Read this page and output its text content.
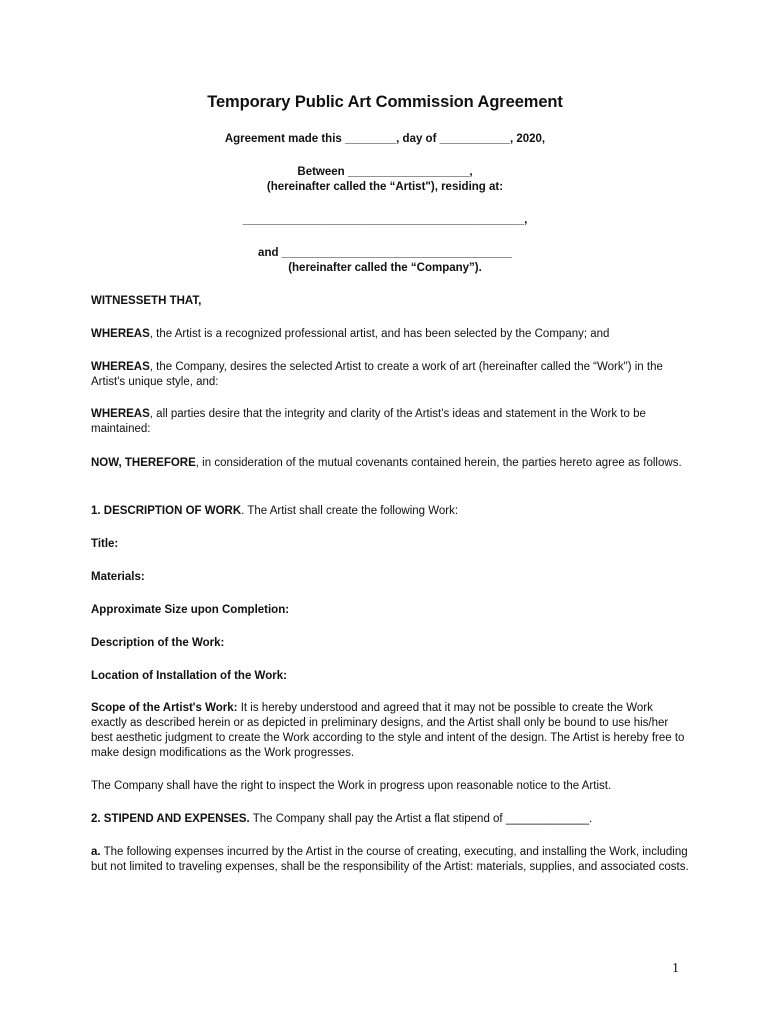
Temporary Public Art Commission Agreement
Agreement made this ________, day of ___________, 2020,
Between ___________________,
(hereinafter called the “Artist"), residing at:
____________________________________________,
and ____________________________________
(hereinafter called the “Company”).
WITNESSETH THAT,
WHEREAS, the Artist is a recognized professional artist, and has been selected by the Company; and
WHEREAS, the Company, desires the selected Artist to create a work of art (hereinafter called the “Work") in the Artist's unique style, and:
WHEREAS, all parties desire that the integrity and clarity of the Artist's ideas and statement in the Work to be maintained:
NOW, THEREFORE, in consideration of the mutual covenants contained herein, the parties hereto agree as follows.
1. DESCRIPTION OF WORK. The Artist shall create the following Work:
Title:
Materials:
Approximate Size upon Completion:
Description of the Work:
Location of Installation of the Work:
Scope of the Artist's Work: It is hereby understood and agreed that it may not be possible to create the Work exactly as described herein or as depicted in preliminary designs, and the Artist shall only be bound to use his/her best aesthetic judgment to create the Work according to the style and intent of the design. The Artist is hereby free to make design modifications as the Work progresses.
The Company shall have the right to inspect the Work in progress upon reasonable notice to the Artist.
2. STIPEND AND EXPENSES. The Company shall pay the Artist a flat stipend of _____________.
a. The following expenses incurred by the Artist in the course of creating, executing, and installing the Work, including but not limited to traveling expenses, shall be the responsibility of the Artist: materials, supplies, and associated costs.
1
